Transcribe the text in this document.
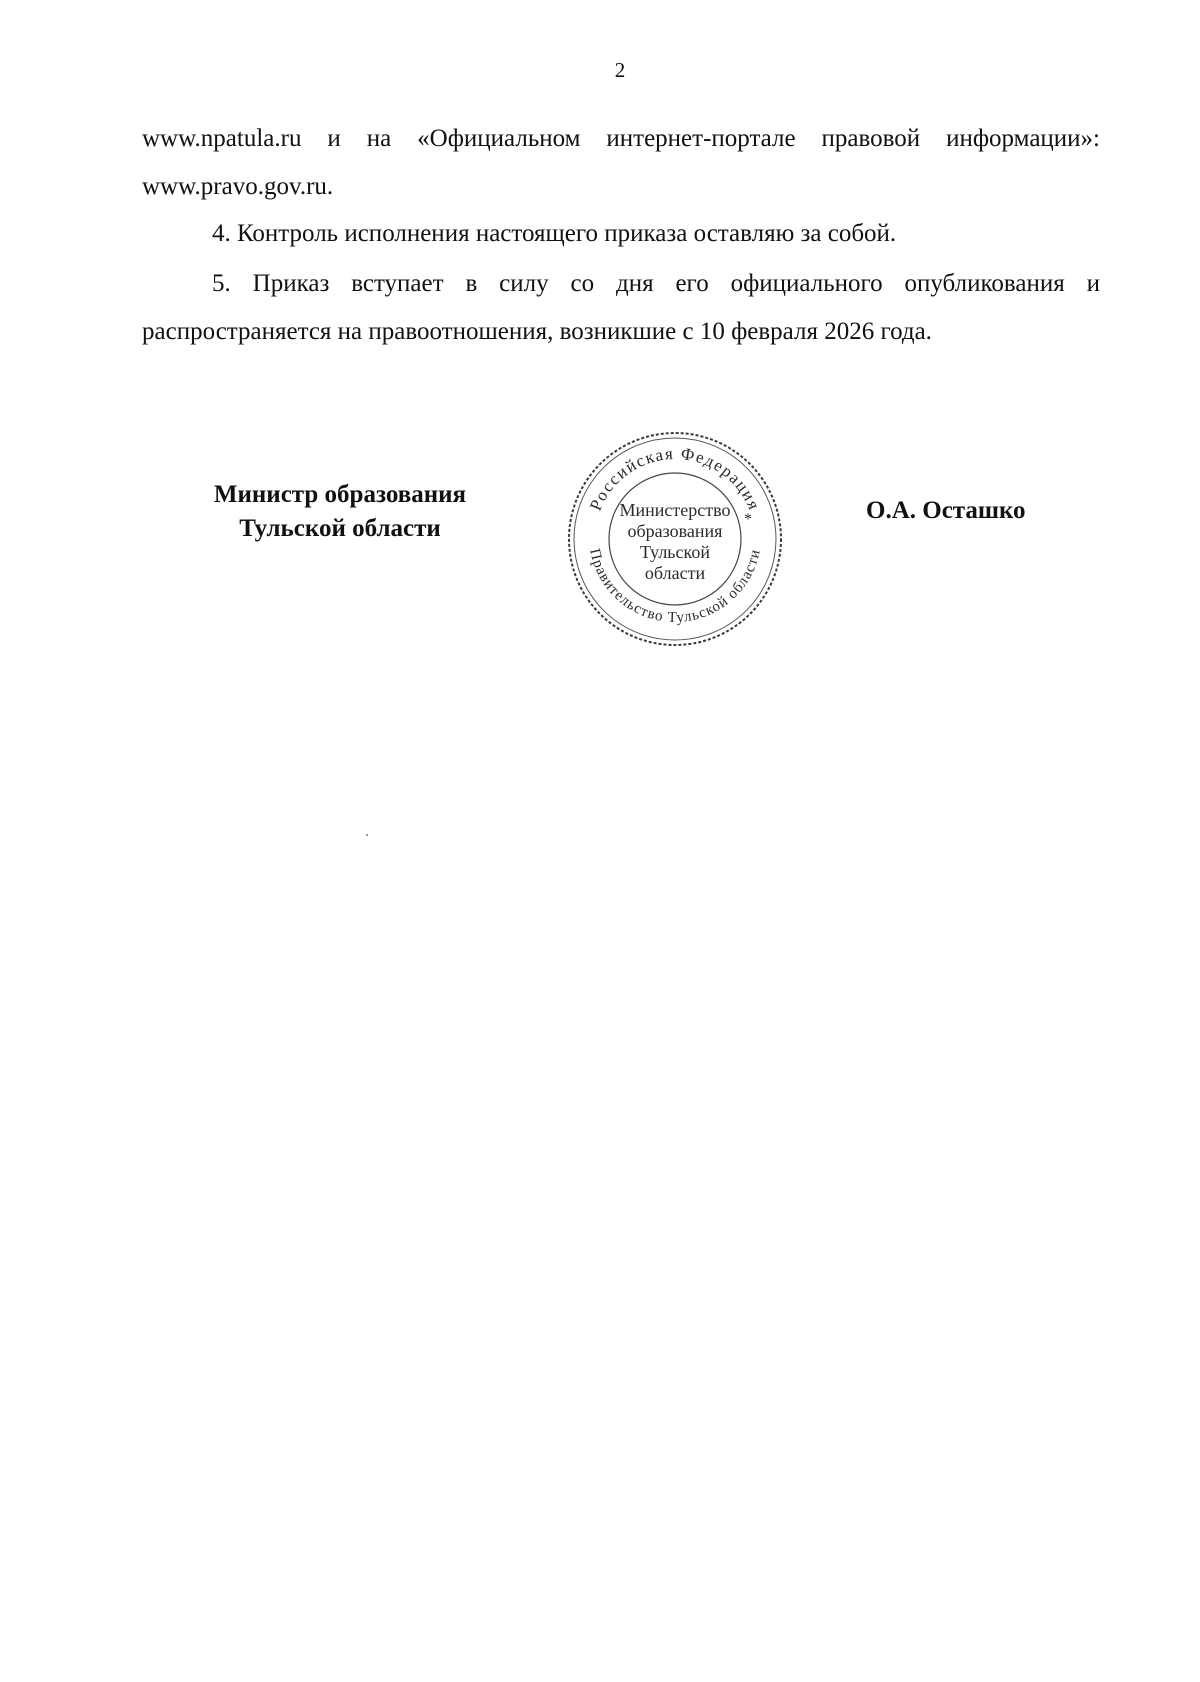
2

www.npatula.ru и на «Официальном интернет-портале правовой информации»:

www.pravo.gov.ru.

4. Контроль исполнения настоящего приказа оставляю за собой.

5. Приказ вступает в силу со дня его официального опубликования и

распространяется на правоотношения, возникшие с 10 февраля 2026 года.

Министр образования
Тульской области
Российская Федерация
Правительство Тульской области
*
Министерство
образования
Тульской
области
О.А. Осташко
